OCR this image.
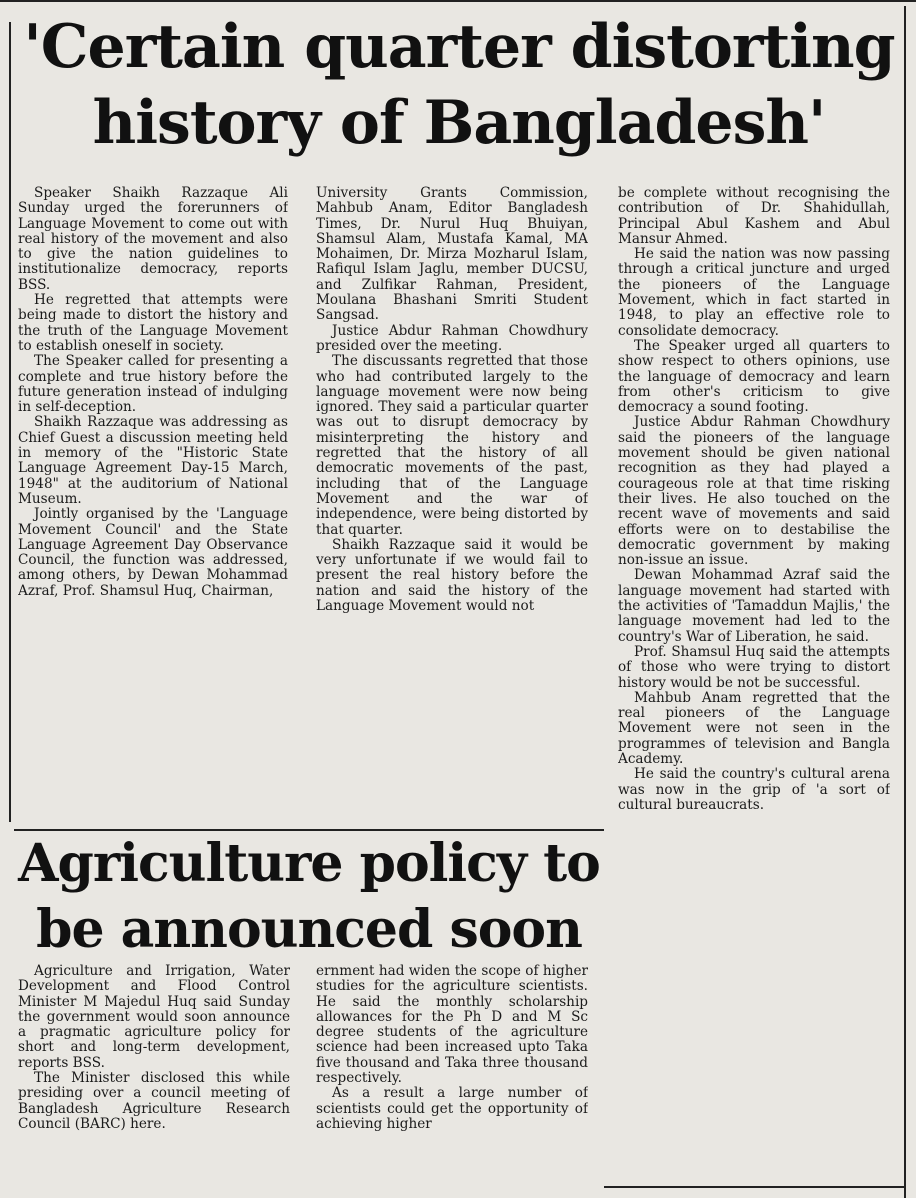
'Certain quarter distorting
history of Bangladesh'

Speaker Shaikh Razzaque Ali Sunday urged the forerunners of Language Movement to come out with real history of the movement and also to give the nation guidelines to institutionalize democracy, reports BSS.

He regretted that attempts were being made to distort the history and the truth of the Language Movement to establish oneself in society.

The Speaker called for presenting a complete and true history before the future generation instead of indulging in self-deception.

Shaikh Razzaque was addressing as Chief Guest a discussion meeting held in memory of the "Historic State Language Agreement Day-15 March, 1948" at the auditorium of National Museum.

Jointly organised by the 'Language Movement Council' and the State Language Agreement Day Observance Council, the function was addressed, among others, by Dewan Mohammad Azraf, Prof. Shamsul Huq, Chairman,

University Grants Commission, Mahbub Anam, Editor Bangladesh Times, Dr. Nurul Huq Bhuiyan, Shamsul Alam, Mustafa Kamal, MA Mohaimen, Dr. Mirza Mozharul Islam, Rafiqul Islam Jaglu, member DUCSU, and Zulfikar Rahman, President, Moulana Bhashani Smriti Student Sangsad.

Justice Abdur Rahman Chowdhury presided over the meeting.

The discussants regretted that those who had contributed largely to the language movement were now being ignored. They said a particular quarter was out to disrupt democracy by misinterpreting the history and regretted that the history of all democratic movements of the past, including that of the Language Movement and the war of independence, were being distorted by that quarter.

Shaikh Razzaque said it would be very unfortunate if we would fail to present the real history before the nation and said the history of the Language Movement would not

be complete without recognising the contribution of Dr. Shahidullah, Principal Abul Kashem and Abul Mansur Ahmed.

He said the nation was now passing through a critical juncture and urged the pioneers of the Language Movement, which in fact started in 1948, to play an effective role to consolidate democracy.

The Speaker urged all quarters to show respect to others opinions, use the language of democracy and learn from other's criticism to give democracy a sound footing.

Justice Abdur Rahman Chowdhury said the pioneers of the language movement should be given national recognition as they had played a courageous role at that time risking their lives. He also touched on the recent wave of movements and said efforts were on to destabilise the democratic government by making non-issue an issue.

Dewan Mohammad Azraf said the language movement had started with the activities of 'Tamaddun Majlis,' the language movement had led to the country's War of Liberation, he said.

Prof. Shamsul Huq said the attempts of those who were trying to distort history would be not be successful.

Mahbub Anam regretted that the real pioneers of the Language Movement were not seen in the programmes of television and Bangla Academy.

He said the country's cultural arena was now in the grip of 'a sort of cultural bureaucrats.

Agriculture policy to
be announced soon

Agriculture and Irrigation, Water Development and Flood Control Minister M Majedul Huq said Sunday the government would soon announce a pragmatic agriculture policy for short and long-term development, reports BSS.

The Minister disclosed this while presiding over a council meeting of Bangladesh Agriculture Research Council (BARC) here.

ernment had widen the scope of higher studies for the agriculture scientists. He said the monthly scholarship allowances for the Ph D and M Sc degree students of the agriculture science had been increased upto Taka five thousand and Taka three thousand respectively.

As a result a large number of scientists could get the opportunity of achieving higher
